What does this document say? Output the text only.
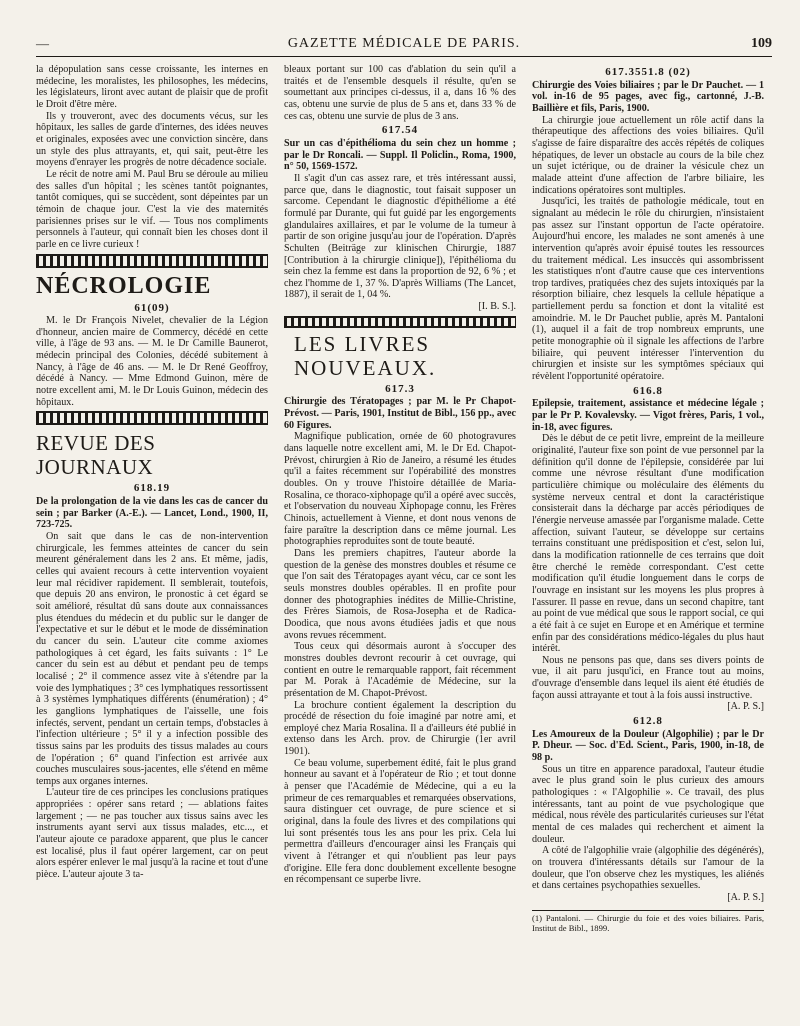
—	GAZETTE MÉDICALE DE PARIS.	109

la dépopulation sans cesse croissante, les internes en médecine, les moralistes, les philosophes, les médecins, les législateurs, liront avec autant de plaisir que de profit le Droit d'être mère.

Ils y trouveront, avec des documents vécus, sur les hôpitaux, les salles de garde d'internes, des idées neuves et originales, exposées avec une conviction sincère, dans un style des plus attrayants, et, qui sait, peut-être les moyens d'enrayer les progrès de notre décadence sociale.

Le récit de notre ami M. Paul Bru se déroule au milieu des salles d'un hôpital ; les scènes tantôt poignantes, tantôt comiques, qui se succèdent, sont dépeintes par un témoin de chaque jour. C'est la vie des maternités parisiennes prises sur le vif. — Tous nos compliments personnels à l'auteur, qui connaît bien les choses dont il parle en ce livre curieux !

NÉCROLOGIE
61(09)

M. le Dr François Nivelet, chevalier de la Légion d'honneur, ancien maire de Commercy, décédé en cette ville, à l'âge de 93 ans. — M. le Dr Camille Baunerot, médecin principal des Colonies, décédé subitement à Nancy, à l'âge de 46 ans. — M. le Dr René Geoffroy, décédé à Nancy. — Mme Edmond Guinon, mère de notre excellent ami, M. le Dr Louis Guinon, médecin des hôpitaux.

REVUE DES JOURNAUX
618.19

De la prolongation de la vie dans les cas de cancer du sein ; par Barker (A.-E.). — Lancet, Lond., 1900, II, 723-725.

On sait que dans le cas de non-intervention chirurgicale, les femmes atteintes de cancer du sein meurent généralement dans les 2 ans. Et même, jadis, celles qui avaient recours à cette intervention voyaient leur mal récidiver rapidement. Il semblerait, toutefois, que depuis 20 ans environ, le pronostic à cet égard se soit amélioré, résultat dû sans doute aux connaissances plus étendues du médecin et du public sur le danger de l'expectative et sur le début et le mode de dissémination du cancer du sein. L'auteur cite comme axiomes pathologiques à cet égard, les faits suivants : 1° Le cancer du sein est au début et pendant peu de temps localisé ; 2° il commence assez vite à s'étendre par la voie des lymphatiques ; 3° ces lymphatiques ressortissent à 3 systèmes lymphatiques différents (énumération) ; 4° les ganglions lymphatiques de l'aisselle, une fois infectés, servent, pendant un certain temps, d'obstacles à l'infection ultérieure ; 5° il y a infection possible des tissus sains par les produits des tissus malades au cours de l'opération ; 6° quand l'infection est arrivée aux couches musculaires sous-jacentes, elle s'étend en même temps aux organes internes.

L'auteur tire de ces principes les conclusions pratiques appropriées : opérer sans retard ; — ablations faites largement ; — ne pas toucher aux tissus sains avec les instruments ayant servi aux tissus malades, etc..., et l'auteur ajoute ce paradoxe apparent, que plus le cancer est localisé, plus il faut opérer largement, car on peut alors espérer enlever le mal jusqu'à la racine et tout d'une pièce. L'auteur ajoute 3 ta-

bleaux portant sur 100 cas d'ablation du sein qu'il a traités et de l'ensemble desquels il résulte, qu'en se soumettant aux principes ci-dessus, il a, dans 16 % des cas, obtenu une survie de plus de 5 ans et, dans 33 % de ces cas, obtenu une survie de plus de 3 ans.

617.54

Sur un cas d'épithélioma du sein chez un homme ; par le Dr Roncali. — Suppl. Il Policlin., Roma, 1900, n° 50, 1569-1572.

Il s'agit d'un cas assez rare, et très intéressant aussi, parce que, dans le diagnostic, tout faisait supposer un sarcome. Cependant le diagnostic d'épithéliome a été formulé par Durante, qui fut guidé par les engorgements glandulaires axillaires, et par le volume de la tumeur à partir de son origine jusqu'au jour de l'opération. D'après Schulten (Beiträge zur klinischen Chirurgie, 1887 [Contribution à la chirurgie clinique]), l'épithélioma du sein chez la femme est dans la proportion de 92, 6 % ; et chez l'homme de 1, 37 %. D'après Williams (The Lancet, 1887), il serait de 1, 04 %.

[I. B. S.].

LES LIVRES
NOUVEAUX.
617.3

Chirurgie des Tératopages ; par M. le Pr Chapot-Prévost. — Paris, 1901, Institut de Bibl., 156 pp., avec 60 Figures.

Magnifique publication, ornée de 60 photogravures dans laquelle notre excellent ami, M. le Dr Ed. Chapot-Prévost, chirurgien à Rio de Janeiro, a résumé les études qu'il a faites récemment sur l'opérabilité des monstres doubles. On y trouve l'histoire détaillée de Maria-Rosalina, ce thoraco-xiphopage qu'il a opéré avec succès, et l'observation du nouveau Xiphopage connu, les Frères Chinois, actuellement à Vienne, et dont nous venons de faire paraître la description dans ce même journal. Les photographies reproduites sont de toute beauté.

Dans les premiers chapitres, l'auteur aborde la question de la genèse des monstres doubles et résume ce que l'on sait des Tératopages ayant vécu, car ce sont les seuls monstres doubles opérables. Il en profite pour donner des photographies inédites de Millie-Christine, des Frères Siamois, de Rosa-Josepha et de Radica-Doodica, que nous avons étudiées jadis et que nous avons revues récemment.

Tous ceux qui désormais auront à s'occuper des monstres doubles devront recourir à cet ouvrage, qui contient en outre le remarquable rapport, fait récemment par M. Porak à l'Académie de Médecine, sur la présentation de M. Chapot-Prévost.

La brochure contient également la description du procédé de résection du foie imaginé par notre ami, et employé chez Maria Rosalina. Il a d'ailleurs été publié in extenso dans les Arch. prov. de Chirurgie (1er avril 1901).

Ce beau volume, superbement édité, fait le plus grand honneur au savant et à l'opérateur de Rio ; et tout donne à penser que l'Académie de Médecine, qui a eu la primeur de ces remarquables et remarquées observations, saura distinguer cet ouvrage, de pure science et si original, dans la foule des livres et des compilations qui lui sont présentés tous les ans pour les prix. Cela lui permettra d'ailleurs d'encourager ainsi les Français qui vivent à l'étranger et qui n'oublient pas leur pays d'origine. Elle fera donc doublement excellente besogne en récompensant ce superbe livre.

617.3551.8 (02)

Chirurgie des Voies biliaires ; par le Dr Pauchet. — 1 vol. in-16 de 95 pages, avec fig., cartonné, J.-B. Baillière et fils, Paris, 1900.

La chirurgie joue actuellement un rôle actif dans la thérapeutique des affections des voies biliaires. Qu'il s'agisse de faire disparaître des accès répétés de coliques hépatiques, de lever un obstacle au cours de la bile chez un sujet ictérique, ou de drainer la vésicule chez un malade atteint d'une affection de l'arbre biliaire, les indications opératoires sont multiples.

Jusqu'ici, les traités de pathologie médicale, tout en signalant au médecin le rôle du chirurgien, n'insistaient pas assez sur l'instant opportun de l'acte opératoire. Aujourd'hui encore, les malades ne sont amenés à une intervention qu'après avoir épuisé toutes les ressources du traitement médical. Les insuccès qui assombrissent les statistiques n'ont d'autre cause que ces interventions trop tardives, pratiquées chez des sujets intoxiqués par la résorption biliaire, chez lesquels la cellule hépatique a partiellement perdu sa fonction et dont la vitalité est amoindrie. M. le Dr Pauchet publie, après M. Pantaloni (1), auquel il a fait de trop nombreux emprunts, une petite monographie où il signale les affections de l'arbre biliaire, qui peuvent intéresser l'intervention du chirurgien et insiste sur les symptômes spéciaux qui révèlent l'opportunité opératoire.

616.8

Epilepsie, traitement, assistance et médecine légale ; par le Pr P. Kovalevsky. — Vigot frères, Paris, 1 vol., in-18, avec figures.

Dès le début de ce petit livre, empreint de la meilleure originalité, l'auteur fixe son point de vue personnel par la définition qu'il donne de l'épilepsie, considérée par lui comme une névrose résultant d'une modification particulière chimique ou moléculaire des éléments du système nerveux central et dont la caractéristique consisterait dans la décharge par accès périodiques de l'énergie nerveuse amassée par l'organisme malade. Cette affection, suivant l'auteur, se développe sur certains terrains constituant une prédisposition et c'est, selon lui, dans la modification rationnelle de ces terrains que doit être cherché le remède correspondant. C'est cette modification qu'il étudie longuement dans le corps de l'ouvrage en insistant sur les moyens les plus propres à l'assurer. Il passe en revue, dans un second chapitre, tant au point de vue médical que sous le rapport social, ce qui a été fait à ce sujet en Europe et en Amérique et termine enfin par des considérations médico-légales du plus haut intérêt.

Nous ne pensons pas que, dans ses divers points de vue, il ait paru jusqu'ici, en France tout au moins, d'ouvrage d'ensemble dans lequel ils aient été étudiés de façon aussi attrayante et tout à la fois aussi instructive.

[A. P. S.]

612.8

Les Amoureux de la Douleur (Algophilie) ; par le Dr P. Dheur. — Soc. d'Ed. Scient., Paris, 1900, in-18, de 98 p.

Sous un titre en apparence paradoxal, l'auteur étudie avec le plus grand soin le plus curieux des amours pathologiques : « l'Algophilie ». Ce travail, des plus intéressants, tant au point de vue psychologique que médical, nous révèle des particularités curieuses sur l'état mental de ces malades qui recherchent et aiment la douleur.

A côté de l'algophilie vraie (algophilie des dégénérés), on trouvera d'intéressants détails sur l'amour de la douleur, que l'on observe chez les mystiques, les aliénés et dans certaines psychopathies sexuelles.

[A. P. S.]

(1) Pantaloni. — Chirurgie du foie et des voies biliaires. Paris, Institut de Bibl., 1899.
